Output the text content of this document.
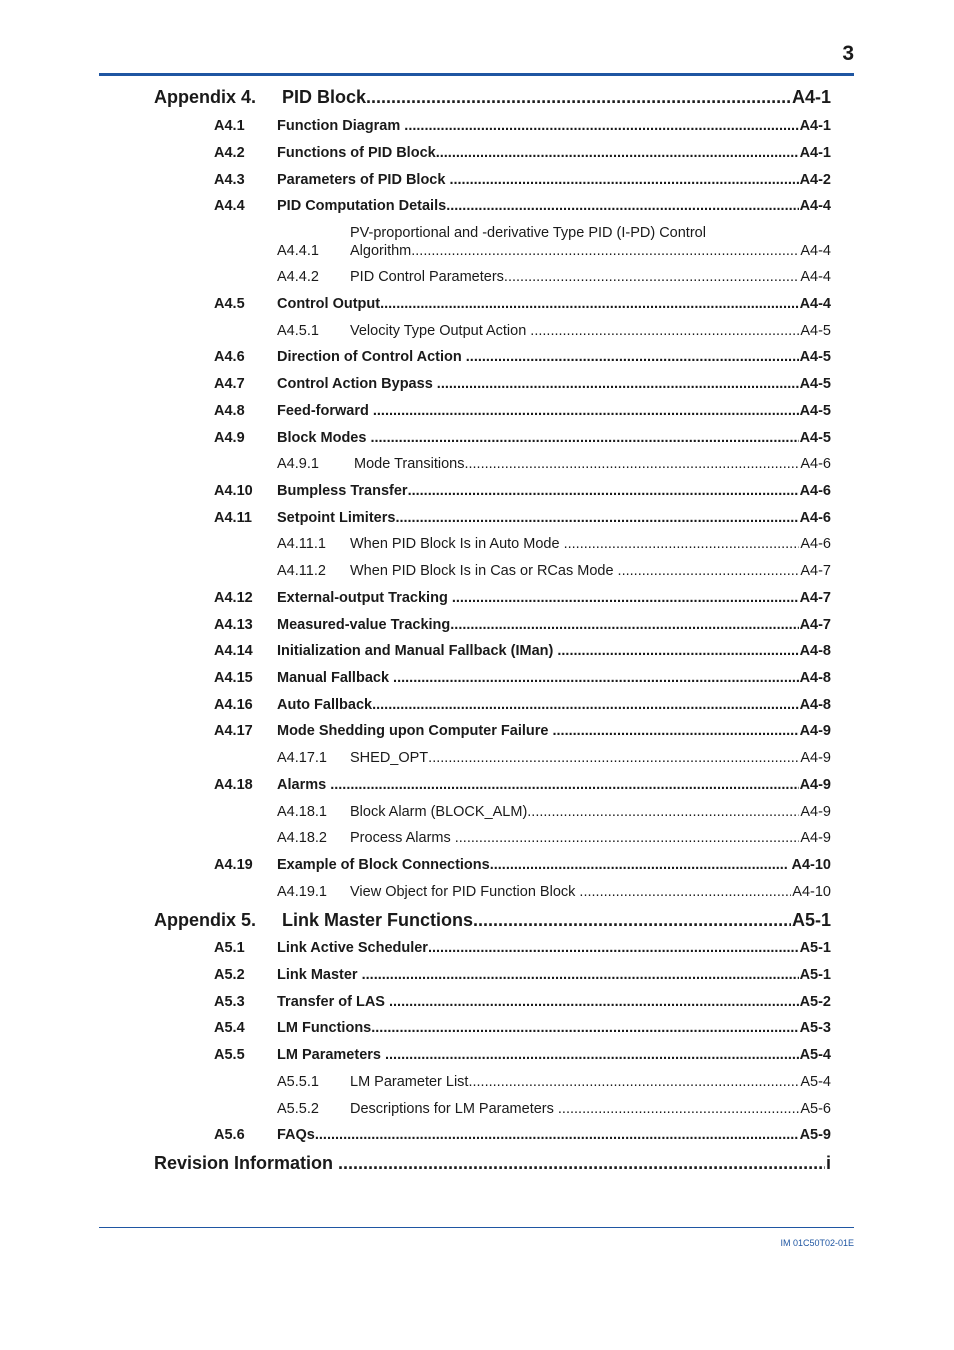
3
Appendix 4. PID Block .....	A4-1
A4.1 Function Diagram .....	A4-1
A4.2 Functions of PID Block .....	A4-1
A4.3 Parameters of PID Block .....	A4-2
A4.4 PID Computation Details .....	A4-4
A4.4.1
PV-proportional and -derivative Type PID (I-PD) Control
Algorithm .....	A4-4
A4.4.2 PID Control Parameters .....	A4-4
A4.5 Control Output .....	A4-4
A4.5.1 Velocity Type Output Action .....	A4-5
A4.6 Direction of Control Action .....	A4-5
A4.7 Control Action Bypass .....	A4-5
A4.8 Feed-forward .....	A4-5
A4.9 Block Modes .....	A4-5
A4.9.1 Mode Transitions .....	A4-6
A4.10 Bumpless Transfer .....	A4-6
A4.11 Setpoint Limiters .....	A4-6
A4.11.1 When PID Block Is in Auto Mode .....	A4-6
A4.11.2 When PID Block Is in Cas or RCas Mode .....	A4-7
A4.12 External-output Tracking .....	A4-7
A4.13 Measured-value Tracking .....	A4-7
A4.14 Initialization and Manual Fallback (IMan) .....	A4-8
A4.15 Manual Fallback .....	A4-8
A4.16 Auto Fallback .....	A4-8
A4.17 Mode Shedding upon Computer Failure .....	A4-9
A4.17.1 SHED_OPT .....	A4-9
A4.18 Alarms .....	A4-9
A4.18.1 Block Alarm (BLOCK_ALM) .....	A4-9
A4.18.2 Process Alarms .....	A4-9
A4.19 Example of Block Connections .....	A4-10
A4.19.1 View Object for PID Function Block .....	A4-10
Appendix 5. Link Master Functions .....	A5-1
A5.1 Link Active Scheduler .....	A5-1
A5.2 Link Master .....	A5-1
A5.3 Transfer of LAS .....	A5-2
A5.4 LM Functions .....	A5-3
A5.5 LM Parameters .....	A5-4
A5.5.1 LM Parameter List .....	A5-4
A5.5.2 Descriptions for LM Parameters .....	A5-6
A5.6 FAQs .....	A5-9
Revision Information .....	i
IM 01C50T02-01E
